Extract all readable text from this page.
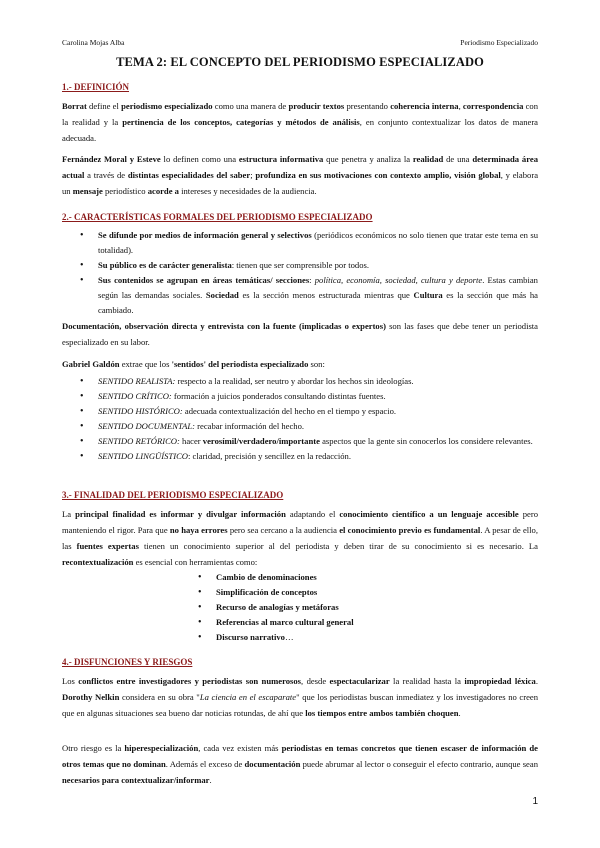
Carolina Mojas Alba	Periodismo Especializado
TEMA 2: EL CONCEPTO DEL PERIODISMO ESPECIALIZADO
1.- DEFINICIÓN
Borrat define el periodismo especializado como una manera de producir textos presentando coherencia interna, correspondencia con la realidad y la pertinencia de los conceptos, categorías y métodos de análisis, en conjunto contextualizar los datos de manera adecuada.
Fernández Moral y Esteve lo definen como una estructura informativa que penetra y analiza la realidad de una determinada área actual a través de distintas especialidades del saber; profundiza en sus motivaciones con contexto amplio, visión global, y elabora un mensaje periodístico acorde a intereses y necesidades de la audiencia.
2.- CARACTERÍSTICAS FORMALES DEL PERIODISMO ESPECIALIZADO
• Se difunde por medios de información general y selectivos (periódicos económicos no solo tienen que tratar este tema en su totalidad).
• Su público es de carácter generalista: tienen que ser comprensible por todos.
• Sus contenidos se agrupan en áreas temáticas/ secciones: política, economía, sociedad, cultura y deporte. Estas cambian según las demandas sociales. Sociedad es la sección menos estructurada mientras que Cultura es la sección que más ha cambiado.
Documentación, observación directa y entrevista con la fuente (implicadas o expertos) son las fases que debe tener un periodista especializado en su labor.
Gabriel Galdón extrae que los 'sentidos' del periodista especializado son:
• SENTIDO REALISTA: respecto a la realidad, ser neutro y abordar los hechos sin ideologías.
• SENTIDO CRÍTICO: formación a juicios ponderados consultando distintas fuentes.
• SENTIDO HISTÓRICO: adecuada contextualización del hecho en el tiempo y espacio.
• SENTIDO DOCUMENTAL: recabar información del hecho.
• SENTIDO RETÓRICO: hacer verosímil/verdadero/importante aspectos que la gente sin conocerlos los considere relevantes.
• SENTIDO LINGÜÍSTICO: claridad, precisión y sencillez en la redacción.
3.- FINALIDAD DEL PERIODISMO ESPECIALIZADO
La principal finalidad es informar y divulgar información adaptando el conocimiento científico a un lenguaje accesible pero manteniendo el rigor. Para que no haya errores pero sea cercano a la audiencia el conocimiento previo es fundamental. A pesar de ello, las fuentes expertas tienen un conocimiento superior al del periodista y deben tirar de su conocimiento si es necesario. La recontextualización es esencial con herramientas como:
• Cambio de denominaciones
• Simplificación de conceptos
• Recurso de analogías y metáforas
• Referencias al marco cultural general
• Discurso narrativo…
4.- DISFUNCIONES Y RIESGOS
Los conflictos entre investigadores y periodistas son numerosos, desde espectacularizar la realidad hasta la impropiedad léxica. Dorothy Nelkin considera en su obra "La ciencia en el escaparate" que los periodistas buscan inmediatez y los investigadores no creen que en algunas situaciones sea bueno dar noticias rotundas, de ahí que los tiempos entre ambos también choquen.
Otro riesgo es la hiperespecialización, cada vez existen más periodistas en temas concretos que tienen escaser de información de otros temas que no dominan. Además el exceso de documentación puede abrumar al lector o conseguir el efecto contrario, aunque sean necesarios para contextualizar/informar.
1
